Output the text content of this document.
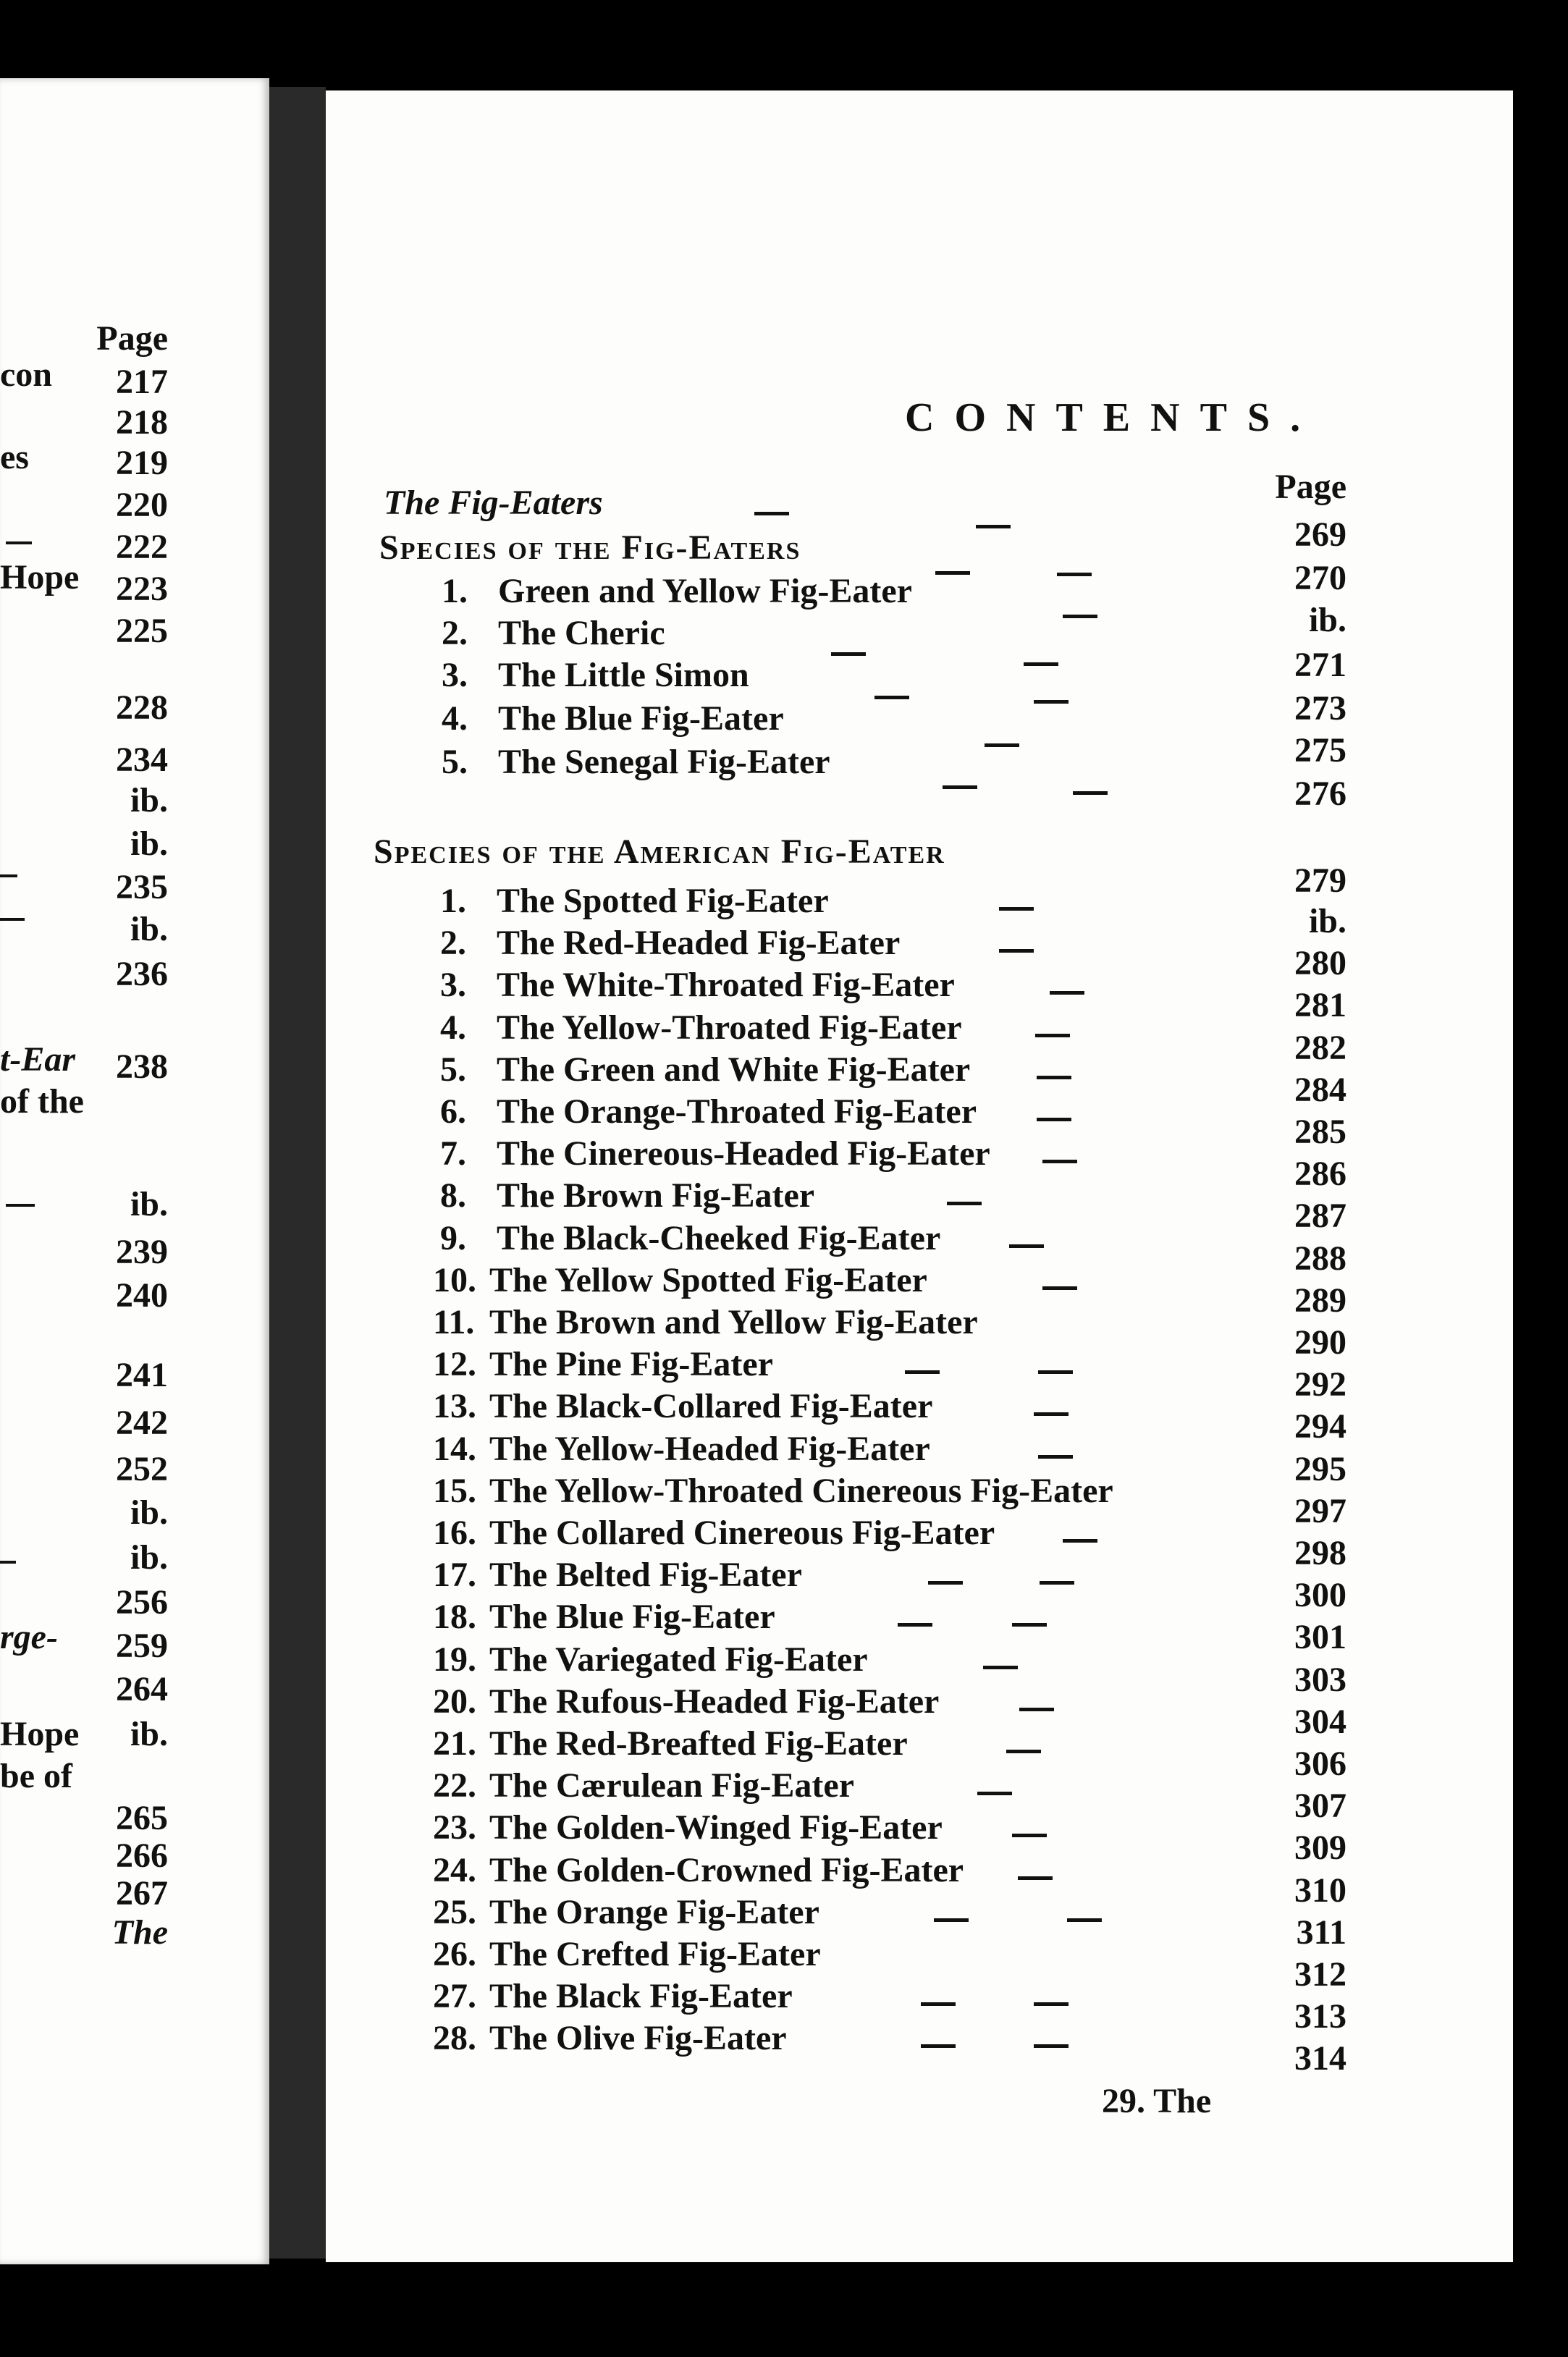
Page
con
es
Hope
t-Ear
of the
rge-
Hope
be of
217
218
219
220
222
223
225
228
234
ib.
ib.
235
ib.
236
238
ib.
239
240
241
242
252
ib.
ib.
256
259
264
ib.
265
266
267
The
CONTENTS.
Page
The Fig-Eaters
269
Species of the Fig-Eaters
270
1. Green and Yellow Fig-Eater
ib.
2. The Cheric
271
3. The Little Simon
273
4. The Blue Fig-Eater
275
5. The Senegal Fig-Eater
276
Species of the American Fig-Eater
279
1. The Spotted Fig-Eater
ib.
2. The Red-Headed Fig-Eater
280
3. The White-Throated Fig-Eater
281
4. The Yellow-Throated Fig-Eater
282
5. The Green and White Fig-Eater
284
6. The Orange-Throated Fig-Eater
285
7. The Cinereous-Headed Fig-Eater
286
8. The Brown Fig-Eater
287
9. The Black-Cheeked Fig-Eater
288
10. The Yellow Spotted Fig-Eater
289
11. The Brown and Yellow Fig-Eater
290
12. The Pine Fig-Eater
292
13. The Black-Collared Fig-Eater
294
14. The Yellow-Headed Fig-Eater
295
15. The Yellow-Throated Cinereous Fig-Eater
297
16. The Collared Cinereous Fig-Eater
298
17. The Belted Fig-Eater
300
18. The Blue Fig-Eater
301
19. The Variegated Fig-Eater
303
20. The Rufous-Headed Fig-Eater
304
21. The Red-Breafted Fig-Eater
306
22. The Cærulean Fig-Eater
307
23. The Golden-Winged Fig-Eater
309
24. The Golden-Crowned Fig-Eater
310
25. The Orange Fig-Eater
311
26. The Crefted Fig-Eater
312
27. The Black Fig-Eater
313
28. The Olive Fig-Eater
314
29. The
